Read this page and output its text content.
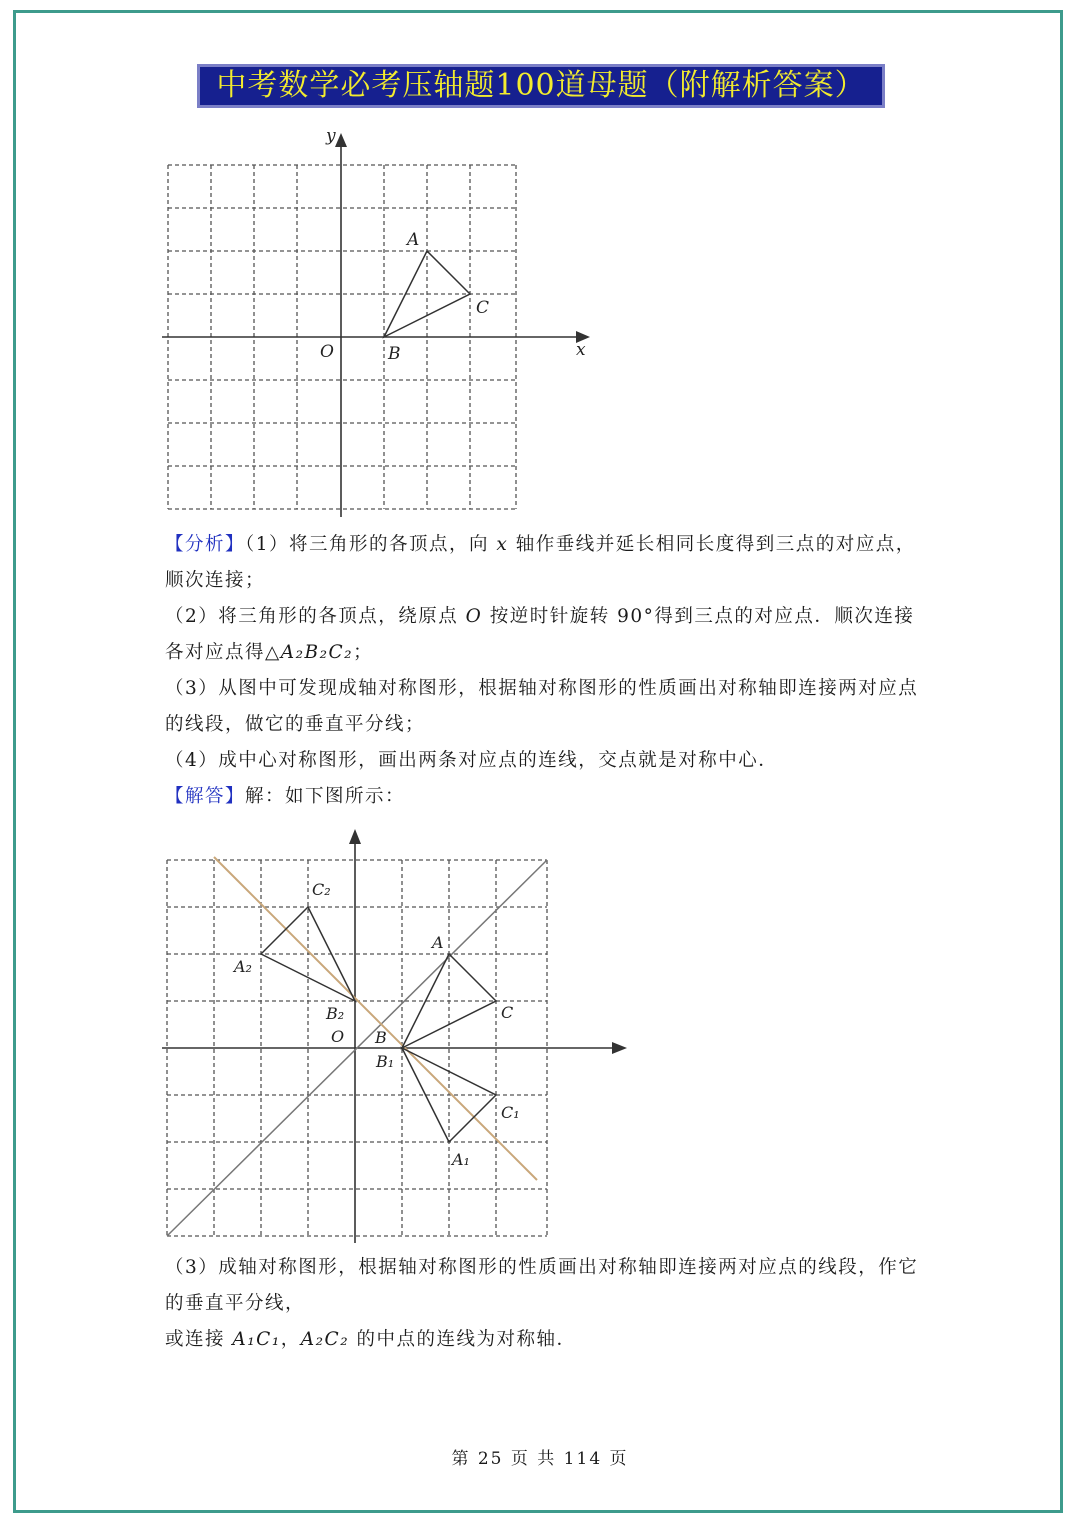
中考数学必考压轴题100道母题（附解析答案）
y
x
O
A
B
C
【分析】（1）将三角形的各顶点，向 x 轴作垂线并延长相同长度得到三点的对应点，顺次连接；
（2）将三角形的各顶点，绕原点 O 按逆时针旋转 90°得到三点的对应点．顺次连接各对应点得△A₂B₂C₂；
（3）从图中可发现成轴对称图形，根据轴对称图形的性质画出对称轴即连接两对应点的线段，做它的垂直平分线；
（4）成中心对称图形，画出两条对应点的连线，交点就是对称中心．
【解答】解：如下图所示：
A
C
B
O
B₁
C₁
A₁
A₂
B₂
C₂
（3）成轴对称图形，根据轴对称图形的性质画出对称轴即连接两对应点的线段，作它的垂直平分线，
或连接 A₁C₁，A₂C₂ 的中点的连线为对称轴．
第 25 页 共 114 页
